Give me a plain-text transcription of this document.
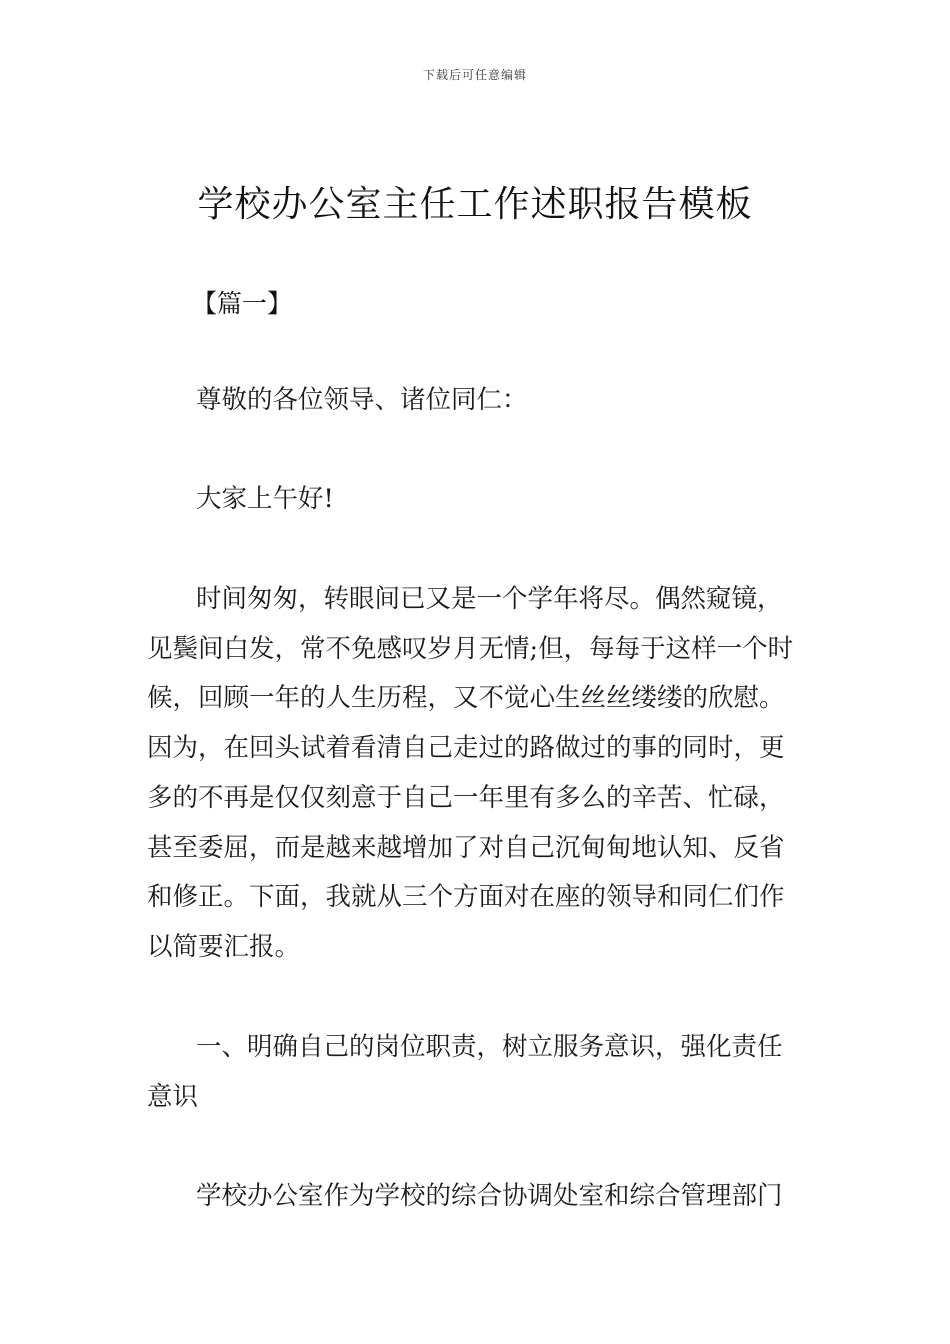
下载后可任意编辑
学校办公室主任工作述职报告模板
【篇一】
尊敬的各位领导、诸位同仁：
大家上午好!
时间匆匆，转眼间已又是一个学年将尽。偶然窥镜，
见鬓间白发，常不免感叹岁月无情;但，每每于这样一个时
候，回顾一年的人生历程，又不觉心生丝丝缕缕的欣慰。
因为，在回头试着看清自己走过的路做过的事的同时，更
多的不再是仅仅刻意于自己一年里有多么的辛苦、忙碌，
甚至委屈，而是越来越增加了对自己沉甸甸地认知、反省
和修正。下面，我就从三个方面对在座的领导和同仁们作
以简要汇报。
一、明确自己的岗位职责，树立服务意识，强化责任
意识
学校办公室作为学校的综合协调处室和综合管理部门
